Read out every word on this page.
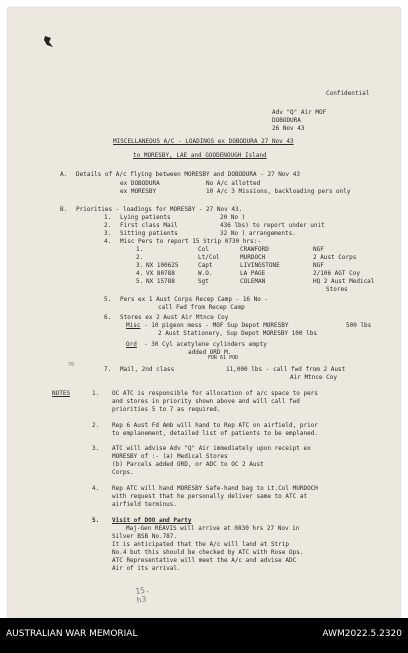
Confidential
Adv "Q" Air MOF
DOBODURA
26 Nov 43
MISCELLANEOUS A/C - LOADINGS ex DOBODURA 27 Nov 43
to MORESBY, LAE and GOODENOUGH Island
A. Details of A/c flying between MORESBY and DOBODURA - 27 Nov 43
ex DOBODURA	No A/c allotted
ex MORESBY	10 A/c 3 Missions, backloading pers only
B. Priorities - loadings for MORESBY - 27 Nov 43.
1. Lying patients	20 No )
2. First class Mail	436 lbs) to report under unit
3. Sitting patients	32 No ) arrangements.
4. Misc Pers to report 15 Strip 0730 hrs:-
1.	Col	CRAWFORD	NGF
2.	Lt/Col	MURDOCH	2 Aust Corps
3. NX 100625	Capt	LIVINGSTONE	NGF
4. VX 80788	W.O.	LA PAGE	2/106 AGT Coy
5. NX 15788	Sgt	COLEMAN	HQ 2 Aust Medical
Stores
5. Pers ex 1 Aust Corps Recep Camp - 16 No -
call Fwd from Recep Camp
6. Stores ex 2 Aust Air Mtnce Coy
Misc - 10 pigeon mess - MOF Sup Depot MORESBY	500 lbs
2 Aust Stationery, Sup Depot MORESBY 100 lbs
Ord - 30 Cyl acetylene cylinders empty
added ORD M.
FOR 61 POD
70
7. Mail, 2nd class	11,000 lbs - call fwd from 2 Aust
Air Mtnce Coy
NOTES	1. OC ATC is responsible for allocation of a/c space to pers
and stores in priority shown above and will call fwd
priorities 5 to 7 as required.
2. Rep 6 Aust Fd Amb will hand to Rep ATC on airfield, prior
to emplanement, detailed list of patients to be emplaned.
3. ATC will advise Adv "Q" Air immediately upon receipt ex
MORESBY of :- (a) Medical Stores
(b) Parcels added ORD, or ADC to OC 2 Aust
Corps.
4. Rep ATC will hand MORESBY Safe-hand bag to Lt.Col MURDOCH
with request that he personally deliver same to ATC at
airfield terminus.
5. Visit of DOO and Party
Maj-Gen REAVIS will arrive at 0830 hrs 27 Nov in
Silver BSB No.787.
It is anticipated that the A/c will land at Strip
No.4 but this should be checked by ATC with Rose Ops.
ATC Representative will meet the A/c and advise ADC
Air of its arrival.
15.
h3
AUSTRALIAN WAR MEMORIAL	AWM2022.5.2320
